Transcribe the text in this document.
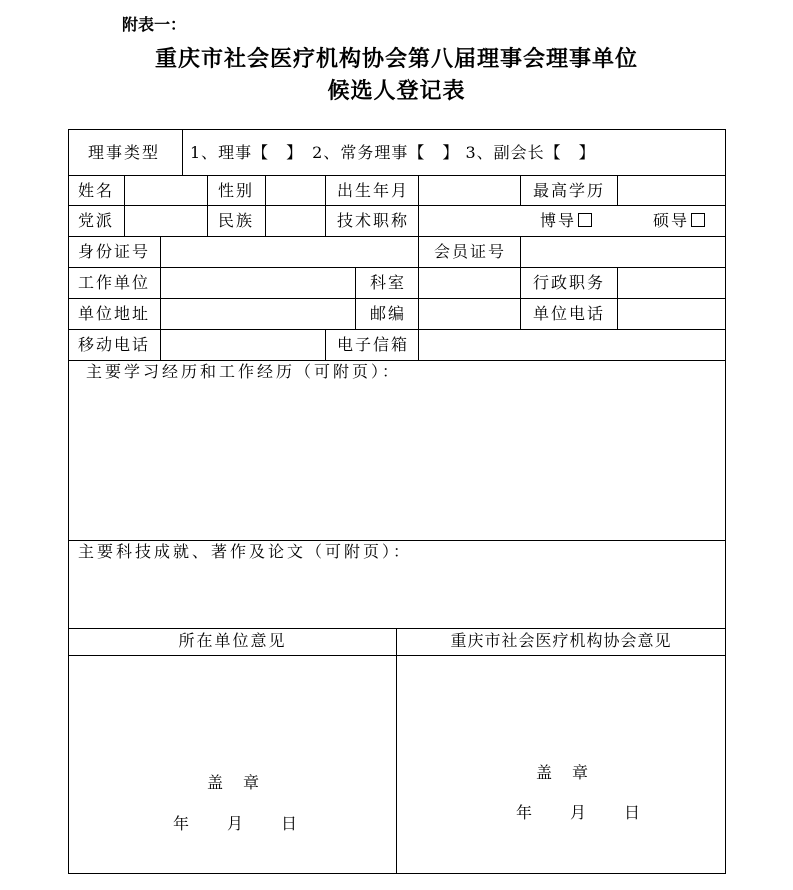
附表一：
重庆市社会医疗机构协会第八届理事会理事单位
候选人登记表
理事类型 1、理事【　】　2、常务理事【　】 3、副会长【　】
姓名	性别	出生年月	最高学历
党派	民族	技术职称	博导	硕导
身份证号	会员证号
工作单位	科室	行政职务
单位地址	邮编	单位电话
移动电话	电子信箱
主要学习经历和工作经历（可附页）：
主要科技成就、著作及论文（可附页）：
所在单位意见	重庆市社会医疗机构协会意见
盖　章
年　　月　　日
盖　章
年　　月　　日
